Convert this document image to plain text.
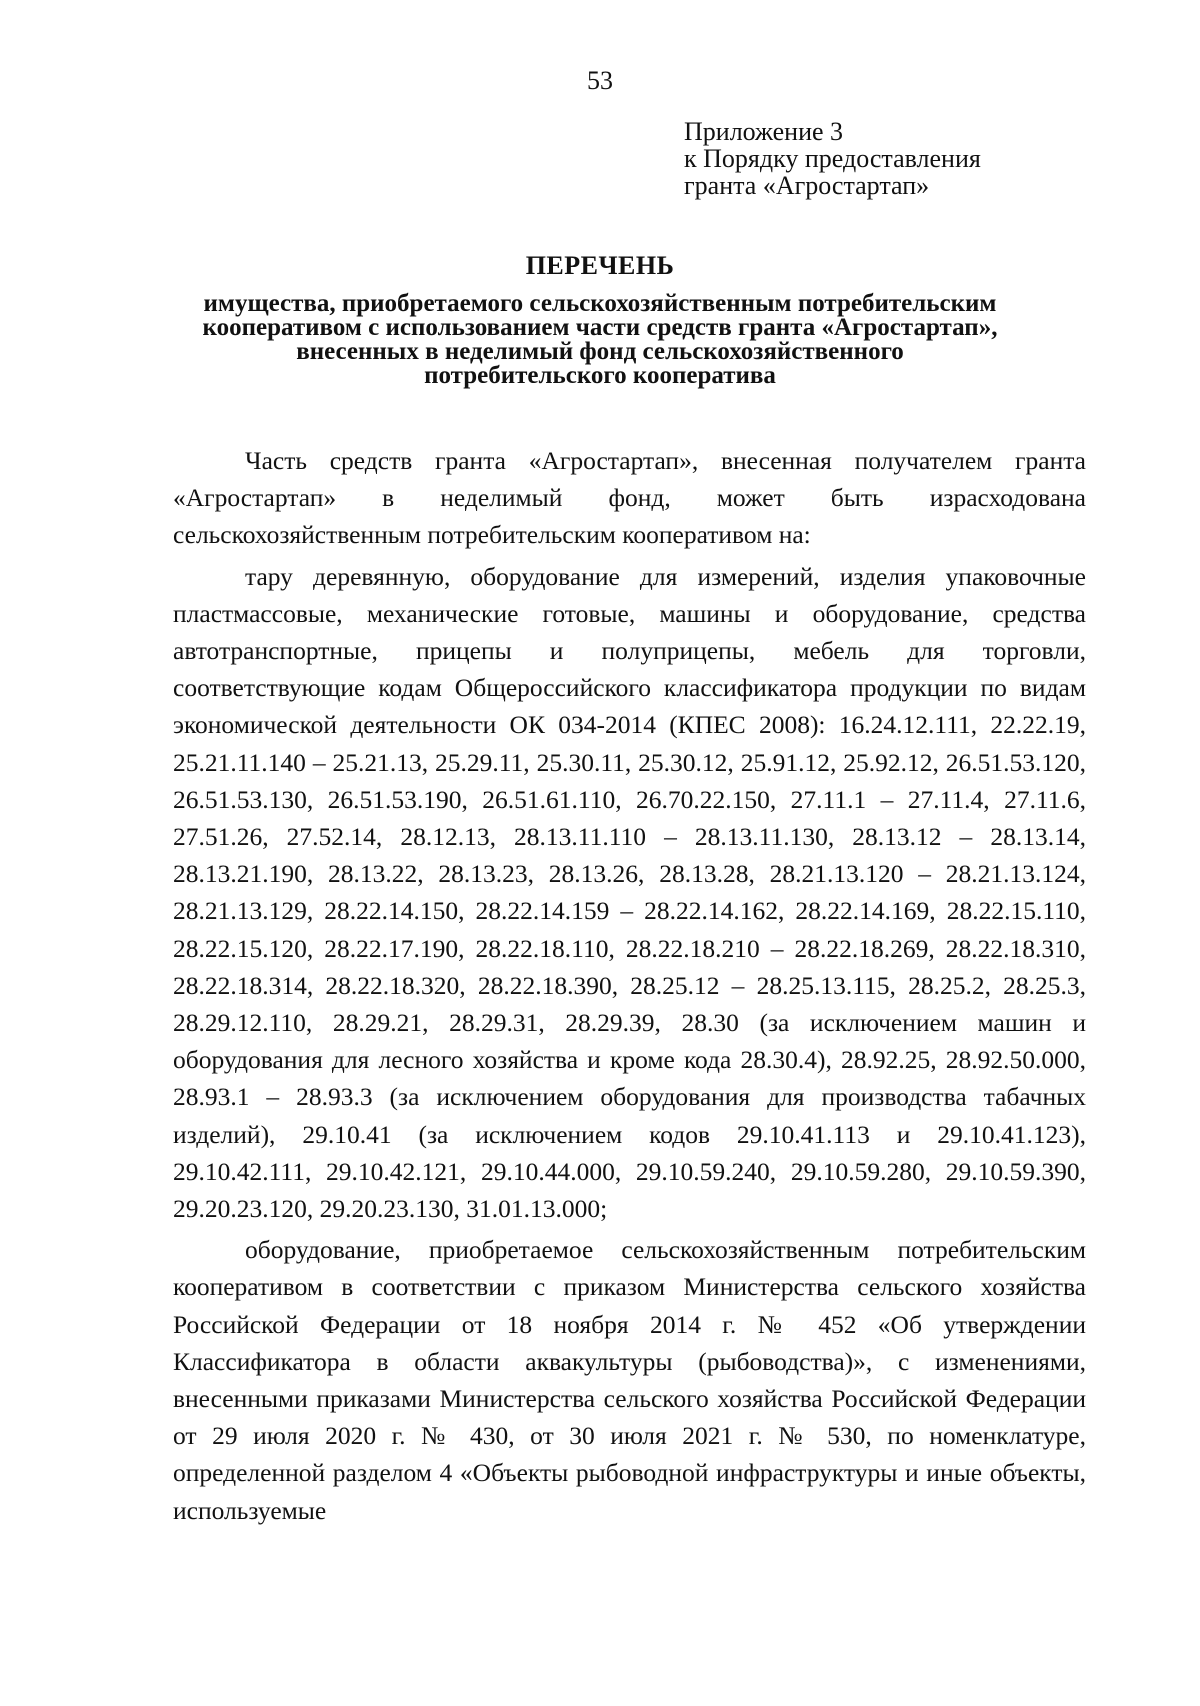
53
Приложение 3
к Порядку предоставления
гранта «Агростартап»
ПЕРЕЧЕНЬ
имущества, приобретаемого сельскохозяйственным потребительским
кооперативом с использованием части средств гранта «Агростартап»,
внесенных в неделимый фонд сельскохозяйственного
потребительского кооператива

Часть средств гранта «Агростартап», внесенная получателем гранта «Агростартап» в неделимый фонд, может быть израсходована сельскохозяйственным потребительским кооперативом на:

тару деревянную, оборудование для измерений, изделия упаковочные пластмассовые, механические готовые, машины и оборудование, средства автотранспортные, прицепы и полуприцепы, мебель для торговли, соответствующие кодам Общероссийского классификатора продукции по видам экономической деятельности ОК 034-2014 (КПЕС 2008): 16.24.12.111, 22.22.19, 25.21.11.140 – 25.21.13, 25.29.11, 25.30.11, 25.30.12, 25.91.12, 25.92.12, 26.51.53.120, 26.51.53.130, 26.51.53.190, 26.51.61.110, 26.70.22.150, 27.11.1 – 27.11.4, 27.11.6, 27.51.26, 27.52.14, 28.12.13, 28.13.11.110 – 28.13.11.130, 28.13.12 – 28.13.14, 28.13.21.190, 28.13.22, 28.13.23, 28.13.26, 28.13.28, 28.21.13.120 – 28.21.13.124, 28.21.13.129, 28.22.14.150, 28.22.14.159 – 28.22.14.162, 28.22.14.169, 28.22.15.110, 28.22.15.120, 28.22.17.190, 28.22.18.110, 28.22.18.210 – 28.22.18.269, 28.22.18.310, 28.22.18.314, 28.22.18.320, 28.22.18.390, 28.25.12 – 28.25.13.115, 28.25.2, 28.25.3, 28.29.12.110, 28.29.21, 28.29.31, 28.29.39, 28.30 (за исключением машин и оборудования для лесного хозяйства и кроме кода 28.30.4), 28.92.25, 28.92.50.000, 28.93.1 – 28.93.3 (за исключением оборудования для производства табачных изделий), 29.10.41 (за исключением кодов 29.10.41.113 и 29.10.41.123), 29.10.42.111, 29.10.42.121, 29.10.44.000, 29.10.59.240, 29.10.59.280, 29.10.59.390, 29.20.23.120, 29.20.23.130, 31.01.13.000;

оборудование, приобретаемое сельскохозяйственным потребительским кооперативом в соответствии с приказом Министерства сельского хозяйства Российской Федерации от 18 ноября 2014 г. № 452 «Об утверждении Классификатора в области аквакультуры (рыбоводства)», с изменениями, внесенными приказами Министерства сельского хозяйства Российской Федерации от 29 июля 2020 г. № 430, от 30 июля 2021 г. № 530, по номенклатуре, определенной разделом 4 «Объекты рыбоводной инфраструктуры и иные объекты, используемые
